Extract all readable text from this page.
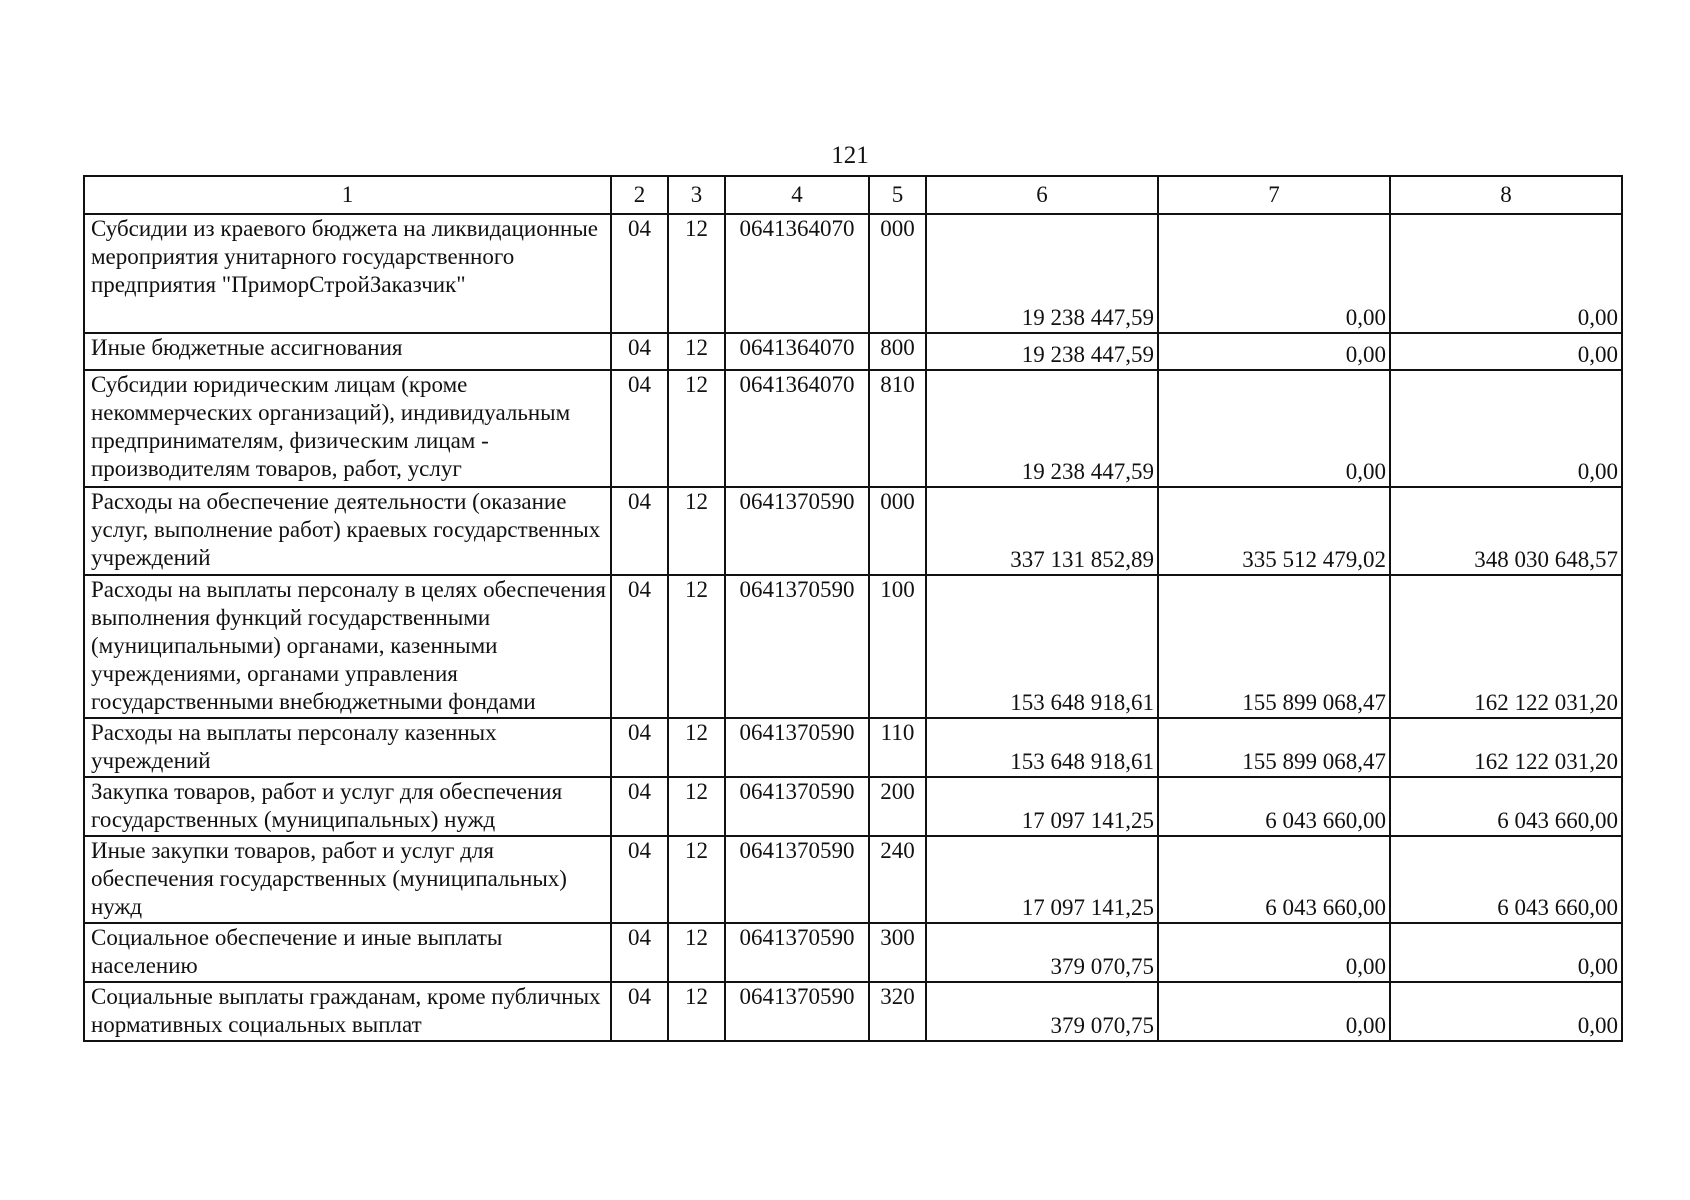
121
1	2	3	4	5	6	7	8
Субсидии из краевого бюджета на ликвидационные мероприятия унитарного государственного предприятия "ПриморСтройЗаказчик"	04	12	0641364070	000	19 238 447,59	0,00	0,00
Иные бюджетные ассигнования	04	12	0641364070	800	19 238 447,59	0,00	0,00
Субсидии юридическим лицам (кроме некоммерческих организаций), индивидуальным предпринимателям, физическим лицам - производителям товаров, работ, услуг	04	12	0641364070	810	19 238 447,59	0,00	0,00
Расходы на обеспечение деятельности (оказание услуг, выполнение работ) краевых государственных учреждений	04	12	0641370590	000	337 131 852,89	335 512 479,02	348 030 648,57
Расходы на выплаты персоналу в целях обеспечения выполнения функций государственными (муниципальными) органами, казенными учреждениями, органами управления государственными внебюджетными фондами	04	12	0641370590	100	153 648 918,61	155 899 068,47	162 122 031,20
Расходы на выплаты персоналу казенных учреждений	04	12	0641370590	110	153 648 918,61	155 899 068,47	162 122 031,20
Закупка товаров, работ и услуг для обеспечения государственных (муниципальных) нужд	04	12	0641370590	200	17 097 141,25	6 043 660,00	6 043 660,00
Иные закупки товаров, работ и услуг для обеспечения государственных (муниципальных) нужд	04	12	0641370590	240	17 097 141,25	6 043 660,00	6 043 660,00
Социальное обеспечение и иные выплаты населению	04	12	0641370590	300	379 070,75	0,00	0,00
Социальные выплаты гражданам, кроме публичных нормативных социальных выплат	04	12	0641370590	320	379 070,75	0,00	0,00
